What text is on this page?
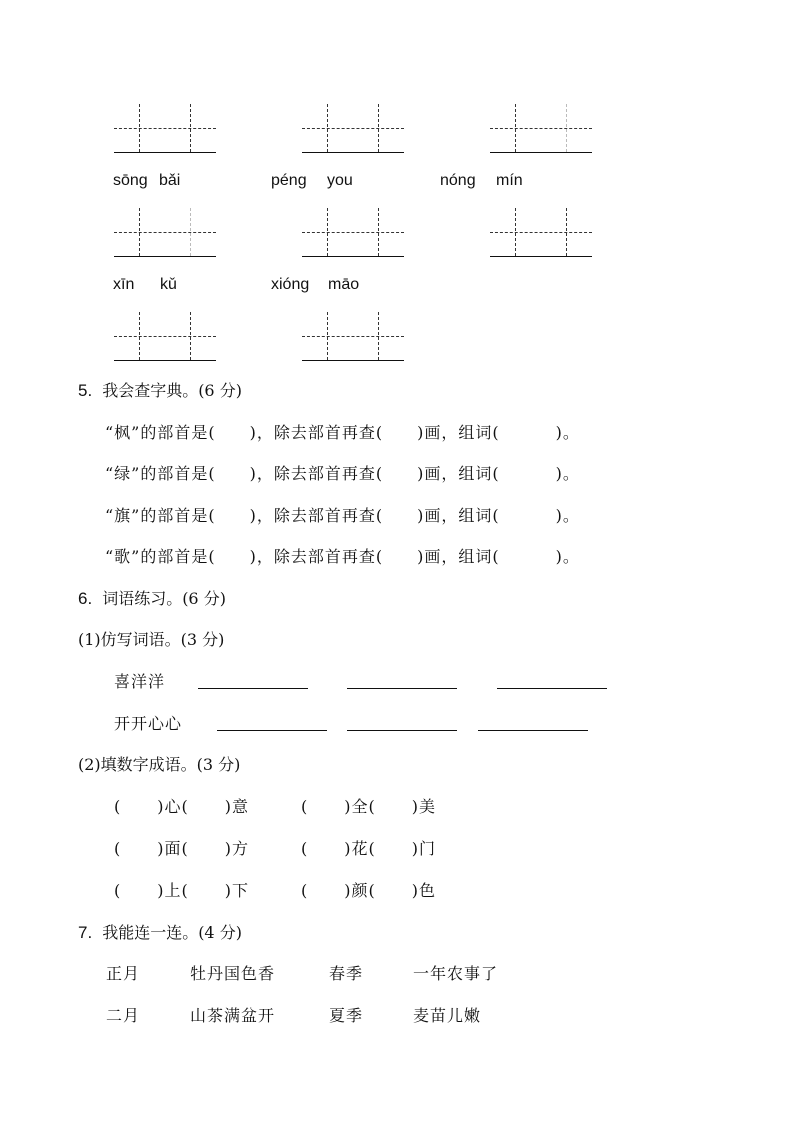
sōng bǎi	péng you	nóng mín
xīn kǔ	xióng māo
5. 我会查字典。(6 分)
“枫”的部首是( )，除去部首再查( )画，组词(	)。
“绿”的部首是( )，除去部首再查( )画，组词(	)。
“旗”的部首是( )，除去部首再查( )画，组词(	)。
“歌”的部首是( )，除去部首再查( )画，组词(	)。
6. 词语练习。(6 分)
(1)仿写词语。(3 分)
喜洋洋
开开心心
(2)填数字成语。(3 分)
( )心( )意	( )全( )美
( )面( )方	( )花( )门
( )上( )下	( )颜( )色
7. 我能连一连。(4 分)
正月	牡丹国色香	春季	一年农事了
二月	山茶满盆开	夏季	麦苗儿嫩
